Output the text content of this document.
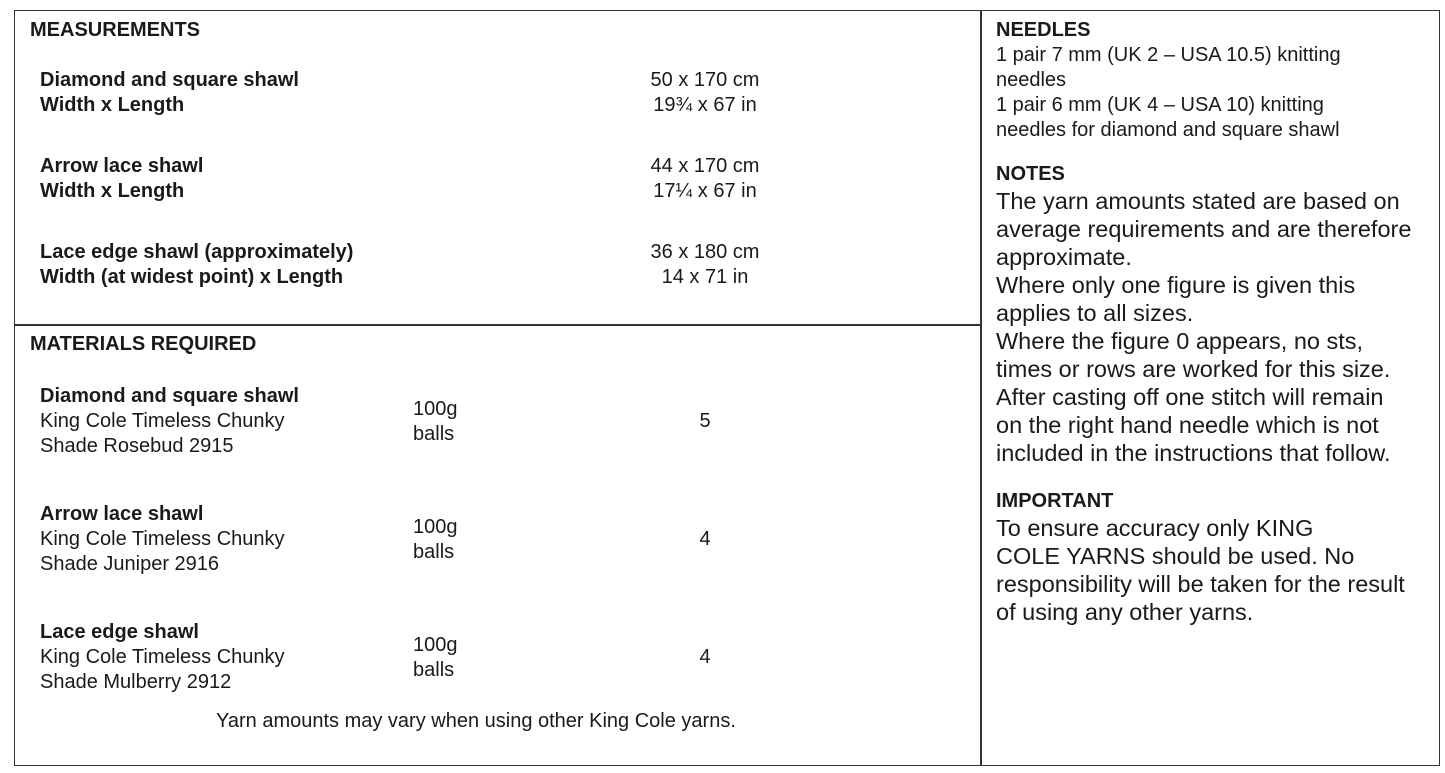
MEASUREMENTS
Diamond and square shawl
Width x Length
50 x 170 cm
19¾ x 67 in
Arrow lace shawl
Width x Length
44 x 170 cm
17¼ x 67 in
Lace edge shawl (approximately)
Width (at widest point) x Length
36 x 180 cm
14 x 71 in
MATERIALS REQUIRED
Diamond and square shawl
King Cole Timeless Chunky
Shade Rosebud 2915
100g
balls
5
Arrow lace shawl
King Cole Timeless Chunky
Shade Juniper 2916
100g
balls
4
Lace edge shawl
King Cole Timeless Chunky
Shade Mulberry 2912
100g
balls
4
Yarn amounts may vary when using other King Cole yarns.
NEEDLES
1 pair 7 mm (UK 2 – USA 10.5) knitting
needles
1 pair 6 mm (UK 4 – USA 10) knitting
needles for diamond and square shawl
NOTES
The yarn amounts stated are based on
average requirements and are therefore
approximate.
Where only one figure is given this
applies to all sizes.
Where the figure 0 appears, no sts,
times or rows are worked for this size.
After casting off one stitch will remain
on the right hand needle which is not
included in the instructions that follow.
IMPORTANT
To ensure accuracy only KING
COLE YARNS should be used. No
responsibility will be taken for the result
of using any other yarns.
